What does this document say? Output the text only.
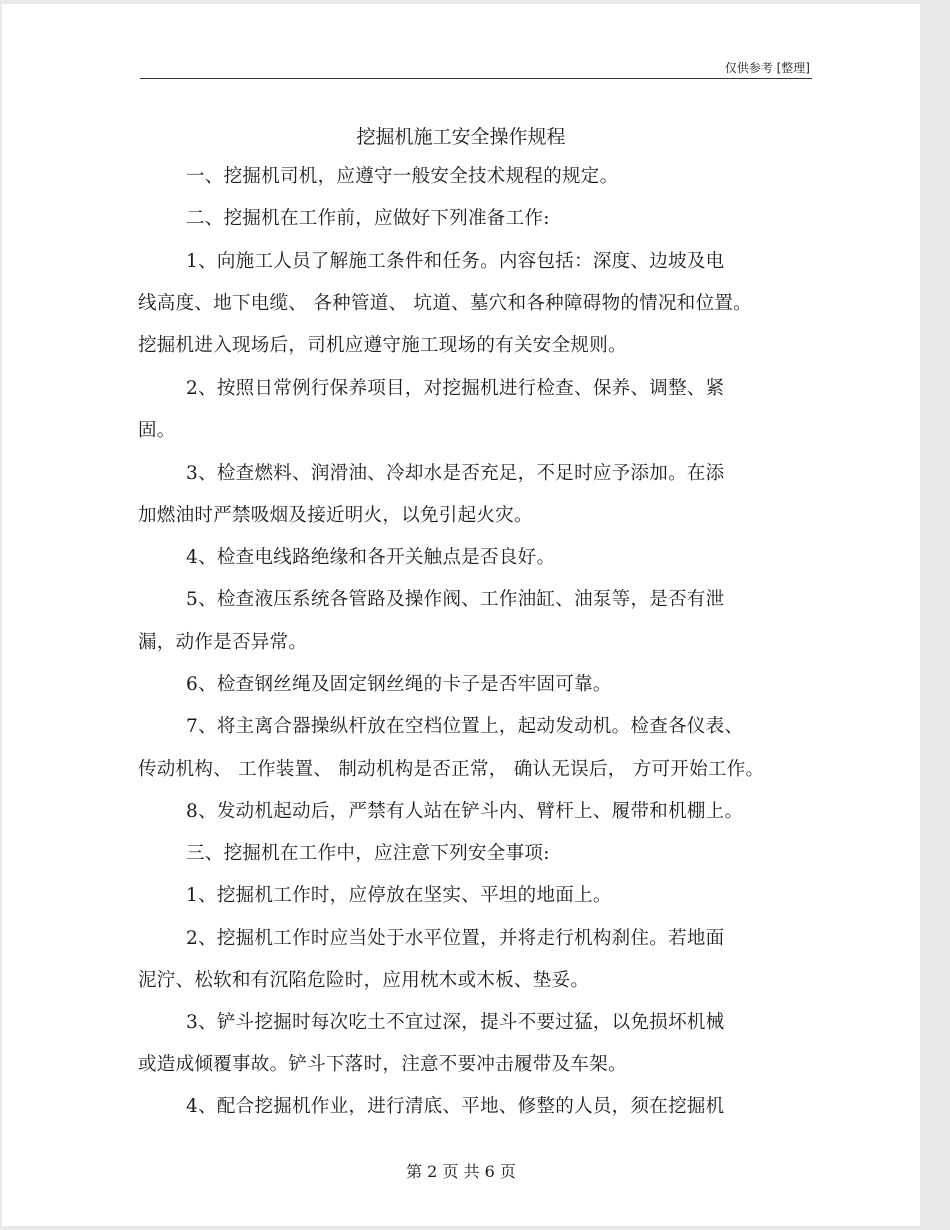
仅供参考 [整理]
挖掘机施工安全操作规程
一、挖掘机司机，应遵守一般安全技术规程的规定。
二、挖掘机在工作前，应做好下列准备工作:
1、向施工人员了解施工条件和任务。内容包括：深度、边坡及电
线高度、地下电缆、 各种管道、 坑道、墓穴和各种障碍物的情况和位置。
挖掘机进入现场后，司机应遵守施工现场的有关安全规则。
2、按照日常例行保养项目，对挖掘机进行检查、保养、调整、紧
固。
3、检查燃料、润滑油、冷却水是否充足，不足时应予添加。在添
加燃油时严禁吸烟及接近明火，以免引起火灾。
4、检查电线路绝缘和各开关触点是否良好。
5、检查液压系统各管路及操作阀、工作油缸、油泵等，是否有泄
漏，动作是否异常。
6、检查钢丝绳及固定钢丝绳的卡子是否牢固可靠。
7、将主离合器操纵杆放在空档位置上，起动发动机。检查各仪表、
传动机构、 工作装置、 制动机构是否正常， 确认无误后， 方可开始工作。
8、发动机起动后，严禁有人站在铲斗内、臂杆上、履带和机棚上。
三、挖掘机在工作中，应注意下列安全事项:
1、挖掘机工作时，应停放在坚实、平坦的地面上。
2、挖掘机工作时应当处于水平位置，并将走行机构刹住。若地面
泥泞、松软和有沉陷危险时，应用枕木或木板、垫妥。
3、铲斗挖掘时每次吃土不宜过深，提斗不要过猛，以免损坏机械
或造成倾覆事故。铲斗下落时，注意不要冲击履带及车架。
4、配合挖掘机作业，进行清底、平地、修整的人员，须在挖掘机
第 2 页 共 6 页
